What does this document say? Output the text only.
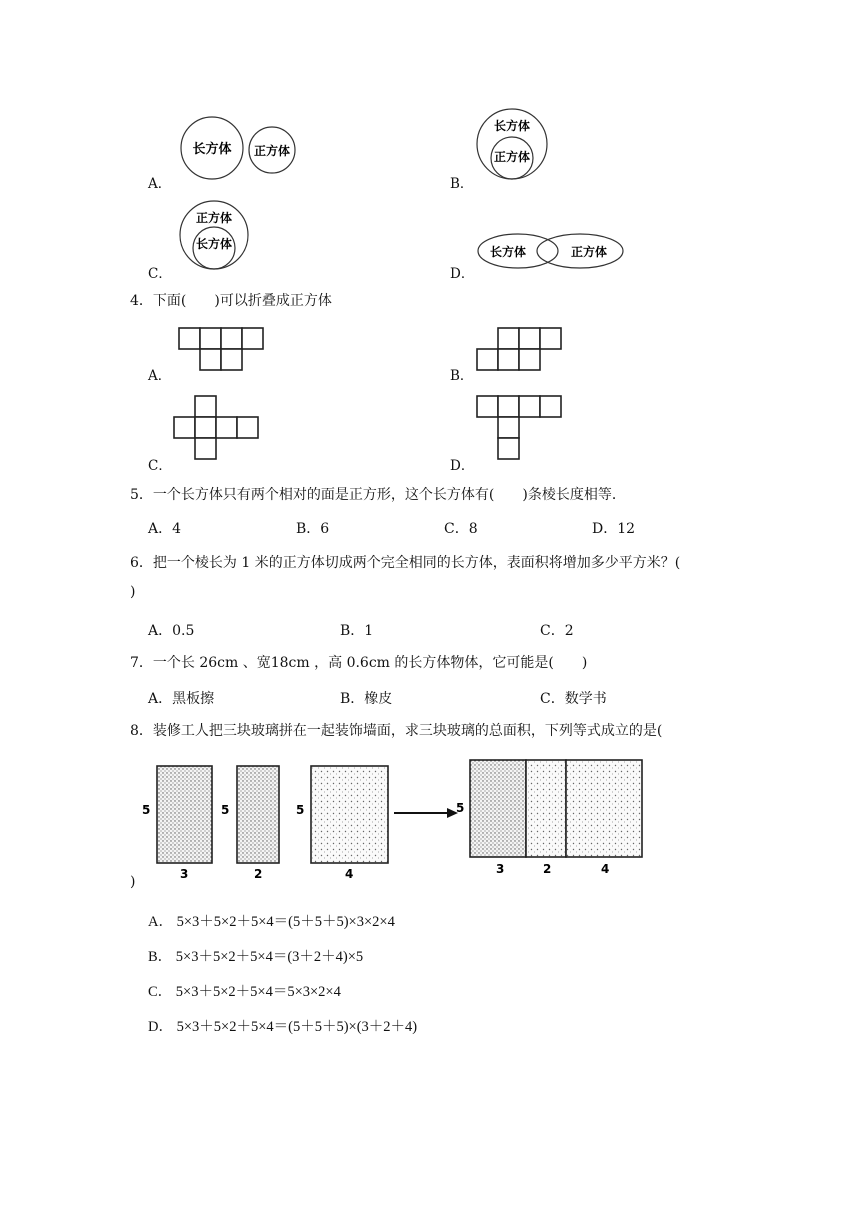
A．
长方体 正方体
B．
长方体
正方体
C．
正方体
长方体
D．
长方体	正方体
4．下面(　　)可以折叠成正方体
A．	B．
C．	D．
5．一个长方体只有两个相对的面是正方形，这个长方体有(　　)条棱长度相等．
A．4	B．6	C．8	D．12
6．把一个棱长为 1 米的正方体切成两个完全相同的长方体，表面积将增加多少平方米？(
)
A．0.5	B．1	C．2
7．一个长 26cm 、宽18cm ，高 0.6cm 的长方体物体，它可能是(　　)
A．黑板擦	B．橡皮	C．数学书
8．装修工人把三块玻璃拼在一起装饰墙面，求三块玻璃的总面积，下列等式成立的是(
5	5	5
3	2	4
5
3	2	4
)
A． 5×3＋5×2＋5×4＝(5＋5＋5)×3×2×4
B． 5×3＋5×2＋5×4＝(3＋2＋4)×5
C． 5×3＋5×2＋5×4＝5×3×2×4
D． 5×3＋5×2＋5×4＝(5＋5＋5)×(3＋2＋4)
